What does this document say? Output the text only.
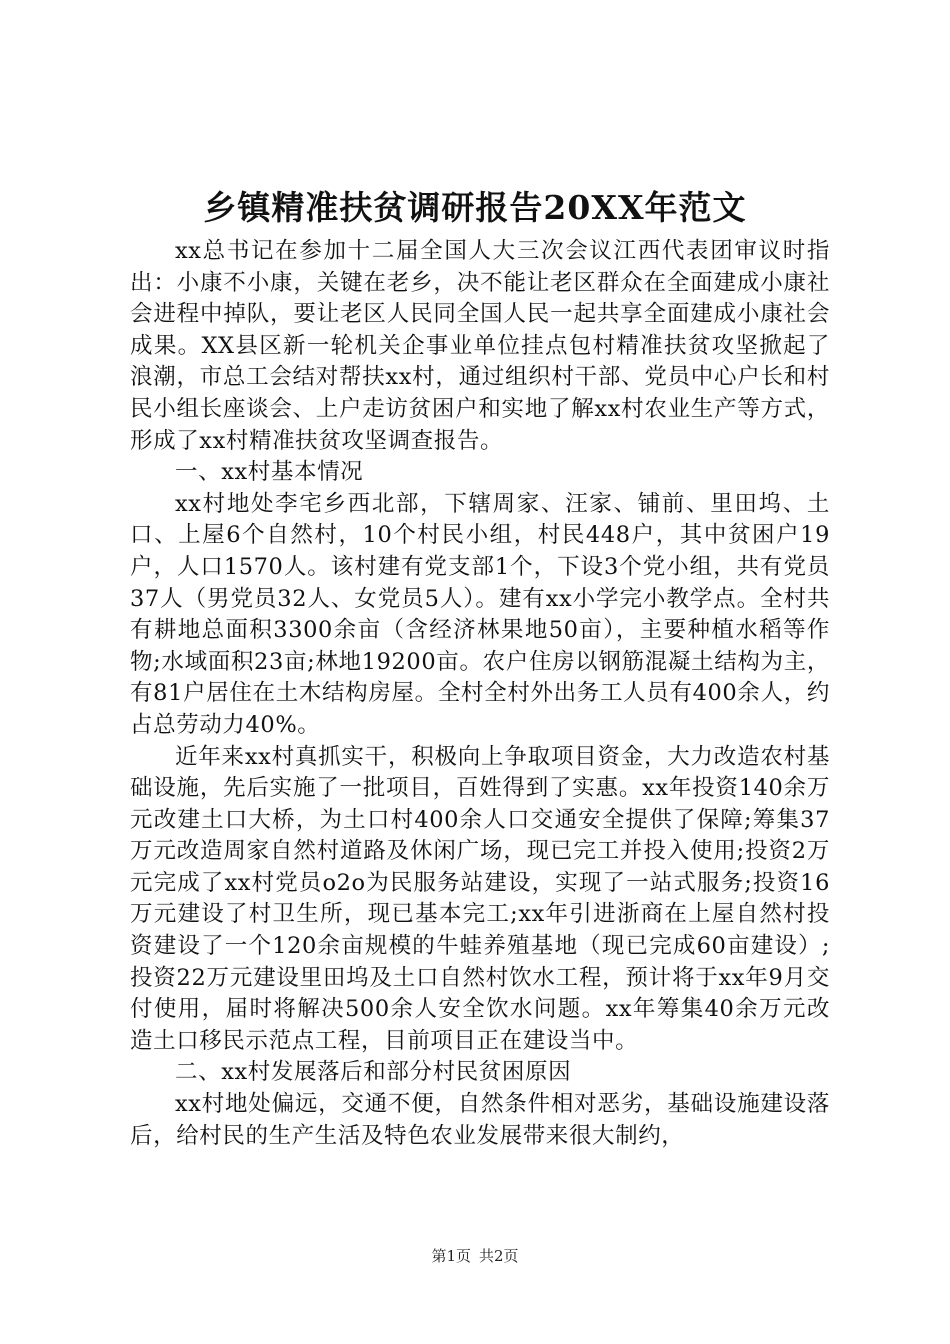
乡镇精准扶贫调研报告20XX年范文

xx总书记在参加十二届全国人大三次会议江西代表团审议时指出：小康不小康，关键在老乡，决不能让老区群众在全面建成小康社会进程中掉队，要让老区人民同全国人民一起共享全面建成小康社会成果。XX县区新一轮机关企事业单位挂点包村精准扶贫攻坚掀起了浪潮，市总工会结对帮扶xx村，通过组织村干部、党员中心户长和村民小组长座谈会、上户走访贫困户和实地了解xx村农业生产等方式，形成了xx村精准扶贫攻坚调查报告。

一、xx村基本情况

xx村地处李宅乡西北部，下辖周家、汪家、铺前、里田坞、土口、上屋6个自然村，10个村民小组，村民448户，其中贫困户19户，人口1570人。该村建有党支部1个，下设3个党小组，共有党员37人（男党员32人、女党员5人）。建有xx小学完小教学点。全村共有耕地总面积3300余亩（含经济林果地50亩），主要种植水稻等作物;水域面积23亩;林地19200亩。农户住房以钢筋混凝土结构为主，有81户居住在土木结构房屋。全村全村外出务工人员有400余人，约占总劳动力40%。

近年来xx村真抓实干，积极向上争取项目资金，大力改造农村基础设施，先后实施了一批项目，百姓得到了实惠。xx年投资140余万元改建土口大桥，为土口村400余人口交通安全提供了保障;筹集37万元改造周家自然村道路及休闲广场，现已完工并投入使用;投资2万元完成了xx村党员o2o为民服务站建设，实现了一站式服务;投资16万元建设了村卫生所，现已基本完工;xx年引进浙商在上屋自然村投资建设了一个120余亩规模的牛蛙养殖基地（现已完成60亩建设）;投资22万元建设里田坞及土口自然村饮水工程，预计将于xx年9月交付使用，届时将解决500余人安全饮水问题。xx年筹集40余万元改造土口移民示范点工程，目前项目正在建设当中。

二、xx村发展落后和部分村民贫困原因

xx村地处偏远，交通不便，自然条件相对恶劣，基础设施建设落后，给村民的生产生活及特色农业发展带来很大制约，

第1页 共2页
